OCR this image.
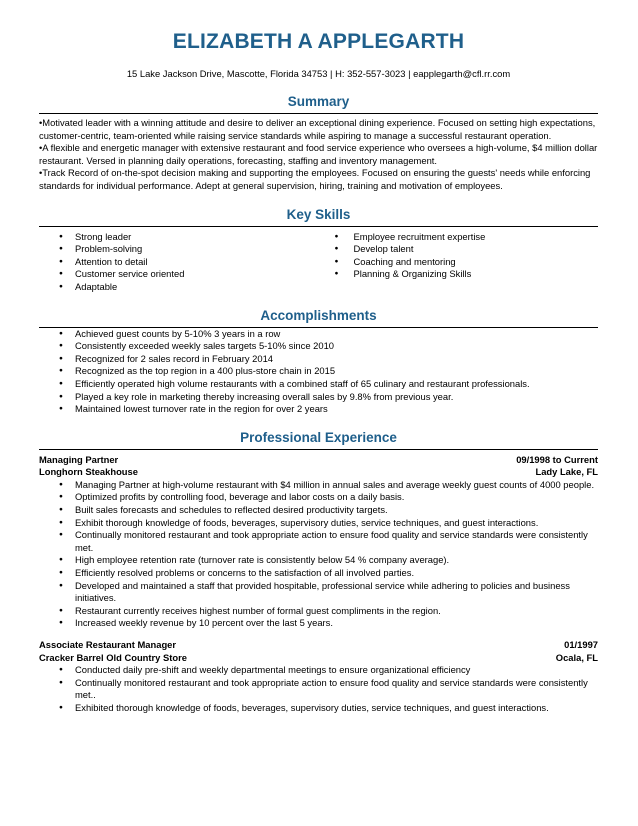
ELIZABETH A APPLEGARTH
15 Lake Jackson Drive, Mascotte, Florida 34753 | H: 352-557-3023 | eapplegarth@cfl.rr.com
Summary

•Motivated leader with a winning attitude and desire to deliver an exceptional dining experience. Focused on setting high expectations, customer-centric, team-oriented while raising service standards while aspiring to manage a successful restaurant operation.

•A flexible and energetic manager with extensive restaurant and food service experience who oversees a high-volume, $4 million dollar restaurant. Versed in planning daily operations, forecasting, staffing and inventory management.

•Track Record of on-the-spot decision making and supporting the employees. Focused on ensuring the guests' needs while enforcing standards for individual performance. Adept at general supervision, hiring, training and motivation of employees.

Key Skills
● Strong leader
● Problem-solving
● Attention to detail
● Customer service oriented
● Adaptable
● Employee recruitment expertise
● Develop talent
● Coaching and mentoring
● Planning & Organizing Skills
Accomplishments
● Achieved guest counts by 5-10% 3 years in a row
● Consistently exceeded weekly sales targets 5-10% since 2010
● Recognized for 2 sales record in February 2014
● Recognized as the top region in a 400 plus-store chain in 2015
● Efficiently operated high volume restaurants with a combined staff of 65 culinary and restaurant professionals.
● Played a key role in marketing thereby increasing overall sales by 9.8% from previous year.
● Maintained lowest turnover rate in the region for over 2 years
Professional Experience
Managing Partner	09/1998 to Current
Longhorn Steakhouse	Lady Lake, FL
● Managing Partner at high-volume restaurant with $4 million in annual sales and average weekly guest counts of 4000 people.
● Optimized profits by controlling food, beverage and labor costs on a daily basis.
● Built sales forecasts and schedules to reflected desired productivity targets.
● Exhibit thorough knowledge of foods, beverages, supervisory duties, service techniques, and guest interactions.
● Continually monitored restaurant and took appropriate action to ensure food quality and service standards were consistently met.
● High employee retention rate (turnover rate is consistently below 54 % company average).
● Efficiently resolved problems or concerns to the satisfaction of all involved parties.
● Developed and maintained a staff that provided hospitable, professional service while adhering to policies and business initiatives.
● Restaurant currently receives highest number of formal guest compliments in the region.
● Increased weekly revenue by 10 percent over the last 5 years.
Associate Restaurant Manager	01/1997
Cracker Barrel Old Country Store	Ocala, FL
● Conducted daily pre-shift and weekly departmental meetings to ensure organizational efficiency
● Continually monitored restaurant and took appropriate action to ensure food quality and service standards were consistently met..
● Exhibited thorough knowledge of foods, beverages, supervisory duties, service techniques, and guest interactions.
